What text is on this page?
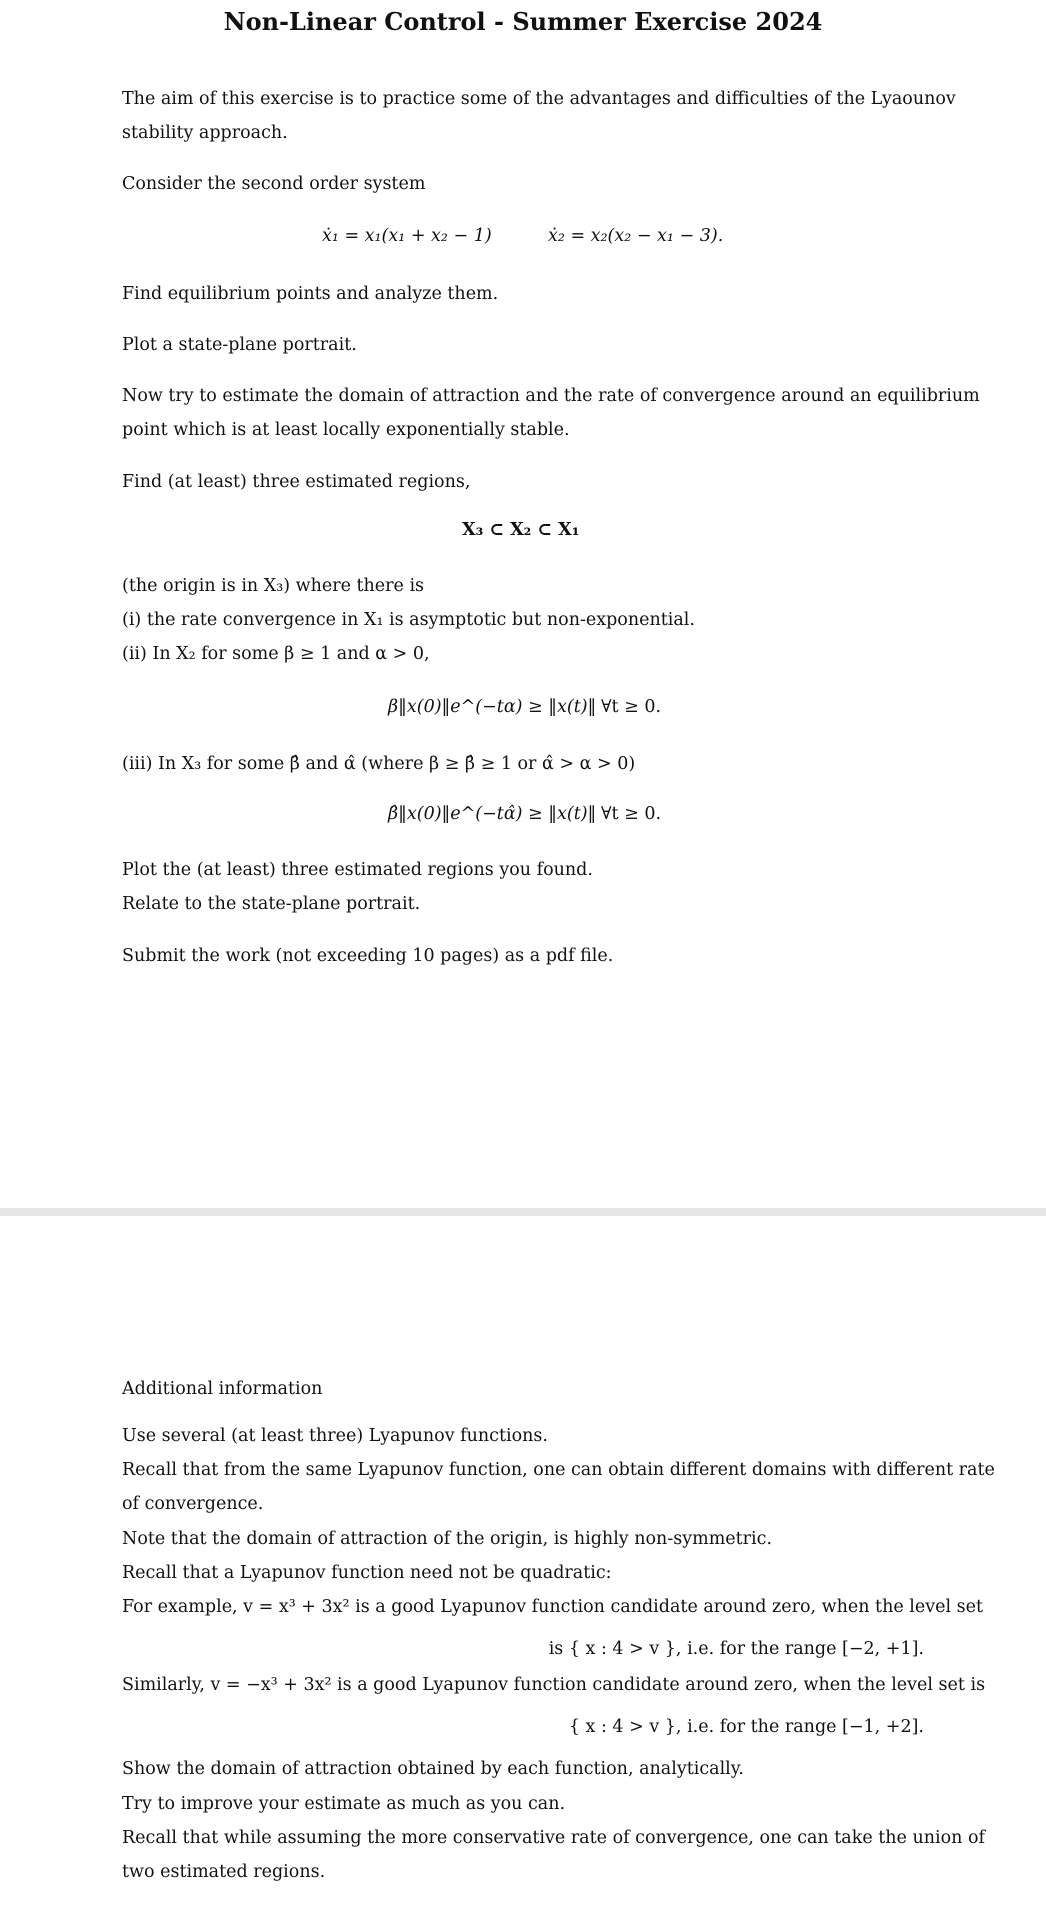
Non-Linear Control - Summer Exercise 2024
The aim of this exercise is to practice some of the advantages and difficulties of the Lyaounov
stability approach.
Consider the second order system
ẋ₁ = x₁(x₁ + x₂ − 1)	ẋ₂ = x₂(x₂ − x₁ − 3).
Find equilibrium points and analyze them.
Plot a state-plane portrait.
Now try to estimate the domain of attraction and the rate of convergence around an equilibrium
point which is at least locally exponentially stable.
Find (at least) three estimated regions,
X₃ ⊂ X₂ ⊂ X₁
(the origin is in X₃) where there is
(i) the rate convergence in X₁ is asymptotic but non-exponential.
(ii) In X₂ for some β ≥ 1 and α > 0,
β‖x(0)‖e^(−tα) ≥ ‖x(t)‖ ∀t ≥ 0.
(iii) In X₃ for some β̂ and α̂ (where β ≥ β̂ ≥ 1 or α̂ > α > 0)
β̂‖x(0)‖e^(−tα̂) ≥ ‖x(t)‖ ∀t ≥ 0.
Plot the (at least) three estimated regions you found.
Relate to the state-plane portrait.
Submit the work (not exceeding 10 pages) as a pdf file.
Additional information
Use several (at least three) Lyapunov functions.
Recall that from the same Lyapunov function, one can obtain different domains with different rate
of convergence.
Note that the domain of attraction of the origin, is highly non-symmetric.
Recall that a Lyapunov function need not be quadratic:
For example, v = x³ + 3x² is a good Lyapunov function candidate around zero, when the level set
is { x : 4 > v }, i.e. for the range [−2, +1].
Similarly, v = −x³ + 3x² is a good Lyapunov function candidate around zero, when the level set is
{ x : 4 > v }, i.e. for the range [−1, +2].
Show the domain of attraction obtained by each function, analytically.
Try to improve your estimate as much as you can.
Recall that while assuming the more conservative rate of convergence, one can take the union of
two estimated regions.
